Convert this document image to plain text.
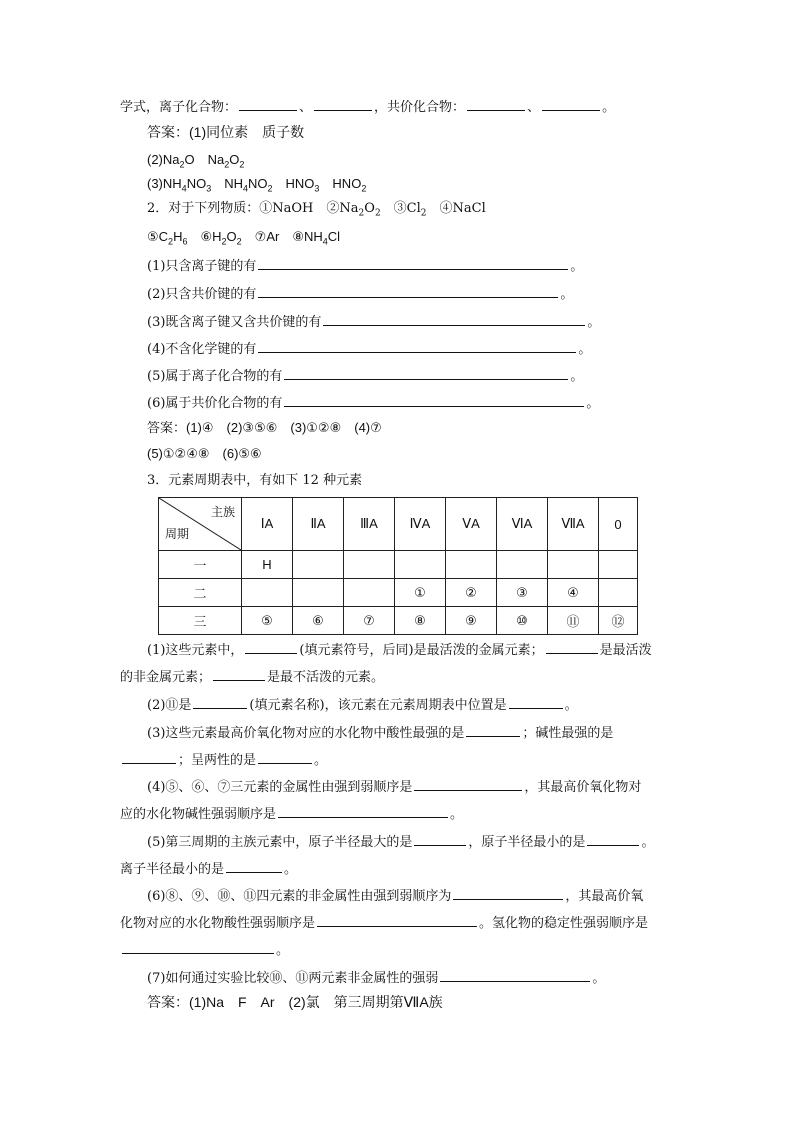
学式，离子化合物：	、	，共价化合物：	、	。
答案：(1)同位素　质子数
$(2)Na_2O$　$Na_2O_2$
$(3)NH_4NO_3$　$NH_4NO_2$　$HNO_3$　$HNO_2$
2．对于下列物质：①NaOH　$②Na_2O_2$　$③Cl_2$　④NaCl
$⑤C_2H_6$　$⑥H_2O_2$　⑦Ar　$⑧NH_4Cl$
(1)只含离子键的有	。
(2)只含共价键的有	。
(3)既含离子键又含共价键的有	。
(4)不含化学键的有	。
(5)属于离子化合物的有	。
(6)属于共价化合物的有	。
答案：(1)④　(2)③⑤⑥　(3)①②⑧　(4)⑦
(5)①②④⑧　(6)⑤⑥
3．元素周期表中，有如下 12 种元素
主族
周期	ⅠA	ⅡA	ⅢA	ⅣA	ⅤA	ⅥA	ⅦA	0
一	H							
二				①	②	③	④	
三	⑤	⑥	⑦	⑧	⑨	⑩	⑪	⑫
(1)这些元素中，	(填元素符号，后同)是最活泼的金属元素；	是最活泼
的非金属元素；	是最不活泼的元素。
(2)⑪是	(填元素名称)，该元素在元素周期表中位置是	。
(3)这些元素最高价氧化物对应的水化物中酸性最强的是	；碱性最强的是
；呈两性的是	。
(4)⑤、⑥、⑦三元素的金属性由强到弱顺序是	，其最高价氧化物对
应的水化物碱性强弱顺序是	。
(5)第三周期的主族元素中，原子半径最大的是	，原子半径最小的是	。
离子半径最小的是	。
(6)⑧、⑨、⑩、⑪四元素的非金属性由强到弱顺序为	，其最高价氧
化物对应的水化物酸性强弱顺序是	。氢化物的稳定性强弱顺序是
。
(7)如何通过实验比较⑩、⑪两元素非金属性的强弱	。
答案：(1)Na　F　Ar　(2)氯　第三周期第ⅦA族
